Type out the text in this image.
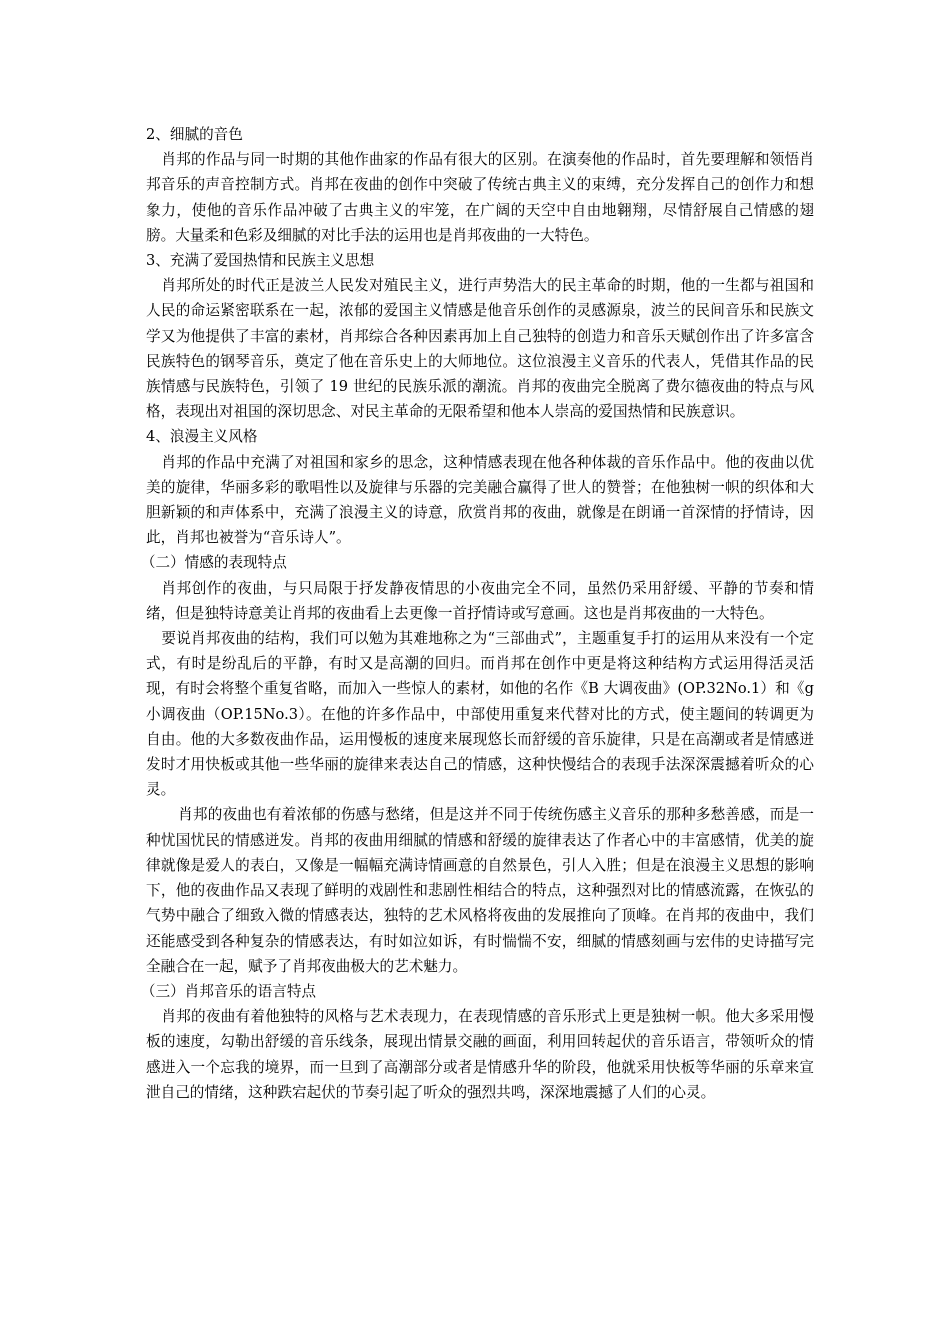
2、细腻的音色

肖邦的作品与同一时期的其他作曲家的作品有很大的区别。在演奏他的作品时，首先要理解和领悟肖邦音乐的声音控制方式。肖邦在夜曲的创作中突破了传统古典主义的束缚，充分发挥自己的创作力和想象力，使他的音乐作品冲破了古典主义的牢笼，在广阔的天空中自由地翱翔，尽情舒展自己情感的翅膀。大量柔和色彩及细腻的对比手法的运用也是肖邦夜曲的一大特色。

3、充满了爱国热情和民族主义思想

肖邦所处的时代正是波兰人民发对殖民主义，进行声势浩大的民主革命的时期，他的一生都与祖国和人民的命运紧密联系在一起，浓郁的爱国主义情感是他音乐创作的灵感源泉，波兰的民间音乐和民族文学又为他提供了丰富的素材，肖邦综合各种因素再加上自己独特的创造力和音乐天赋创作出了许多富含民族特色的钢琴音乐，奠定了他在音乐史上的大师地位。这位浪漫主义音乐的代表人，凭借其作品的民族情感与民族特色，引领了 19 世纪的民族乐派的潮流。肖邦的夜曲完全脱离了费尔德夜曲的特点与风格，表现出对祖国的深切思念、对民主革命的无限希望和他本人崇高的爱国热情和民族意识。

4、浪漫主义风格

肖邦的作品中充满了对祖国和家乡的思念，这种情感表现在他各种体裁的音乐作品中。他的夜曲以优美的旋律，华丽多彩的歌唱性以及旋律与乐器的完美融合赢得了世人的赞誉；在他独树一帜的织体和大胆新颖的和声体系中，充满了浪漫主义的诗意，欣赏肖邦的夜曲，就像是在朗诵一首深情的抒情诗，因此，肖邦也被誉为“音乐诗人”。

（二）情感的表现特点

肖邦创作的夜曲，与只局限于抒发静夜情思的小夜曲完全不同，虽然仍采用舒缓、平静的节奏和情绪，但是独特诗意美让肖邦的夜曲看上去更像一首抒情诗或写意画。这也是肖邦夜曲的一大特色。

要说肖邦夜曲的结构，我们可以勉为其难地称之为“三部曲式”，主题重复手打的运用从来没有一个定式，有时是纷乱后的平静，有时又是高潮的回归。而肖邦在创作中更是将这种结构方式运用得活灵活现，有时会将整个重复省略，而加入一些惊人的素材，如他的名作《B 大调夜曲》(OP.32No.1）和《g 小调夜曲（OP.15No.3）。在他的许多作品中，中部使用重复来代替对比的方式，使主题间的转调更为自由。他的大多数夜曲作品，运用慢板的速度来展现悠长而舒缓的音乐旋律，只是在高潮或者是情感迸发时才用快板或其他一些华丽的旋律来表达自己的情感，这种快慢结合的表现手法深深震撼着听众的心灵。

肖邦的夜曲也有着浓郁的伤感与愁绪，但是这并不同于传统伤感主义音乐的那种多愁善感，而是一种忧国忧民的情感迸发。肖邦的夜曲用细腻的情感和舒缓的旋律表达了作者心中的丰富感情，优美的旋律就像是爱人的表白，又像是一幅幅充满诗情画意的自然景色，引人入胜；但是在浪漫主义思想的影响下，他的夜曲作品又表现了鲜明的戏剧性和悲剧性相结合的特点，这种强烈对比的情感流露，在恢弘的气势中融合了细致入微的情感表达，独特的艺术风格将夜曲的发展推向了顶峰。在肖邦的夜曲中，我们还能感受到各种复杂的情感表达，有时如泣如诉，有时惴惴不安，细腻的情感刻画与宏伟的史诗描写完全融合在一起，赋予了肖邦夜曲极大的艺术魅力。

（三）肖邦音乐的语言特点

肖邦的夜曲有着他独特的风格与艺术表现力，在表现情感的音乐形式上更是独树一帜。他大多采用慢板的速度，勾勒出舒缓的音乐线条，展现出情景交融的画面，利用回转起伏的音乐语言，带领听众的情感进入一个忘我的境界，而一旦到了高潮部分或者是情感升华的阶段，他就采用快板等华丽的乐章来宣泄自己的情绪，这种跌宕起伏的节奏引起了听众的强烈共鸣，深深地震撼了人们的心灵。
